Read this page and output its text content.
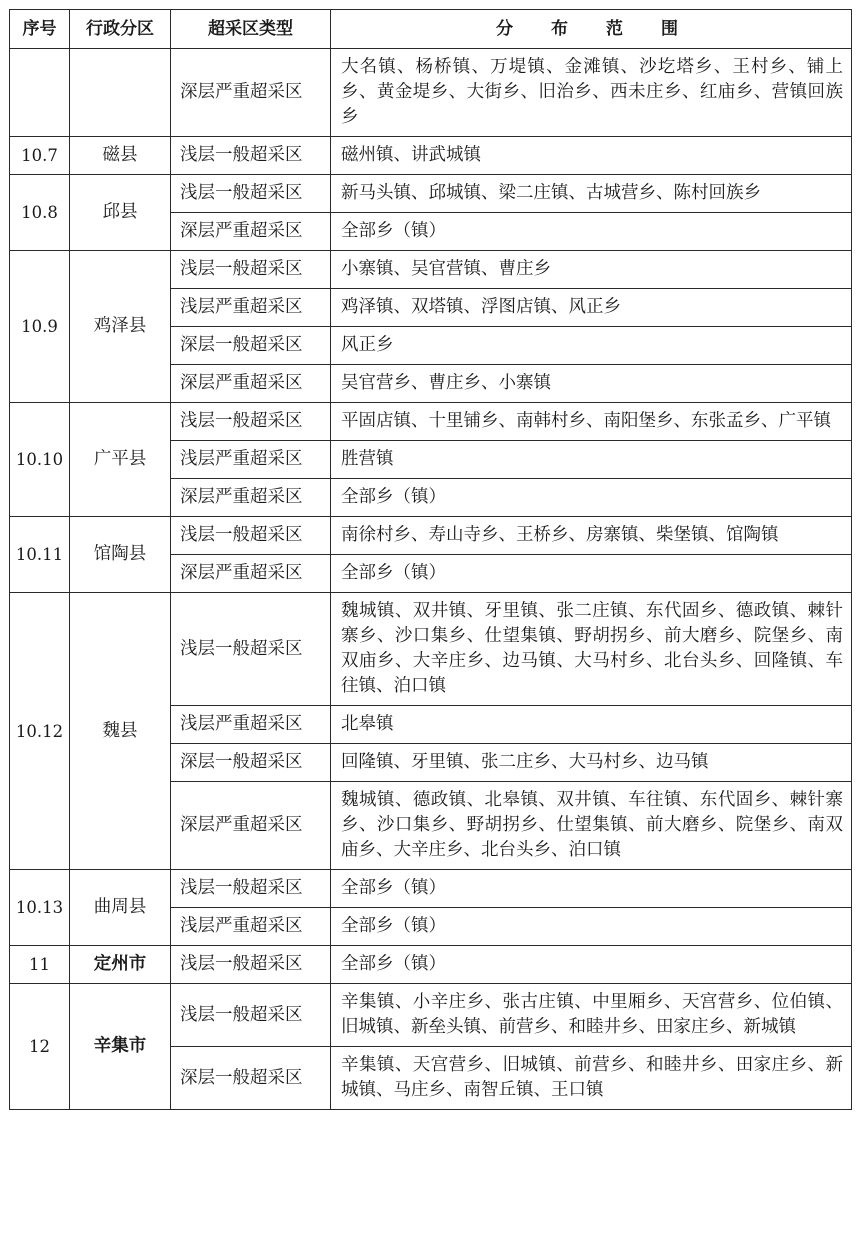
序号	行政分区	超采区类型	分布范围
		深层严重超采区	大名镇、杨桥镇、万堤镇、金滩镇、沙圪塔乡、王村乡、铺上乡、黄金堤乡、大街乡、旧治乡、西未庄乡、红庙乡、营镇回族乡
10.7	磁县	浅层一般超采区	磁州镇、讲武城镇
10.8	邱县	浅层一般超采区	新马头镇、邱城镇、梁二庄镇、古城营乡、陈村回族乡
		深层严重超采区	全部乡（镇）
10.9	鸡泽县	浅层一般超采区	小寨镇、吴官营镇、曹庄乡
		浅层严重超采区	鸡泽镇、双塔镇、浮图店镇、风正乡
		深层一般超采区	风正乡
		深层严重超采区	吴官营乡、曹庄乡、小寨镇
10.10	广平县	浅层一般超采区	平固店镇、十里铺乡、南韩村乡、南阳堡乡、东张孟乡、广平镇
		浅层严重超采区	胜营镇
		深层严重超采区	全部乡（镇）
10.11	馆陶县	浅层一般超采区	南徐村乡、寿山寺乡、王桥乡、房寨镇、柴堡镇、馆陶镇
		深层严重超采区	全部乡（镇）
10.12	魏县	浅层一般超采区	魏城镇、双井镇、牙里镇、张二庄镇、东代固乡、德政镇、棘针寨乡、沙口集乡、仕望集镇、野胡拐乡、前大磨乡、院堡乡、南双庙乡、大辛庄乡、边马镇、大马村乡、北台头乡、回隆镇、车往镇、泊口镇
		浅层严重超采区	北皋镇
		深层一般超采区	回隆镇、牙里镇、张二庄乡、大马村乡、边马镇
		深层严重超采区	魏城镇、德政镇、北皋镇、双井镇、车往镇、东代固乡、棘针寨乡、沙口集乡、野胡拐乡、仕望集镇、前大磨乡、院堡乡、南双庙乡、大辛庄乡、北台头乡、泊口镇
10.13	曲周县	浅层一般超采区	全部乡（镇）
		浅层严重超采区	全部乡（镇）
11	定州市	浅层一般超采区	全部乡（镇）
12	辛集市	浅层一般超采区	辛集镇、小辛庄乡、张古庄镇、中里厢乡、天宫营乡、位伯镇、旧城镇、新垒头镇、前营乡、和睦井乡、田家庄乡、新城镇
		深层一般超采区	辛集镇、天宫营乡、旧城镇、前营乡、和睦井乡、田家庄乡、新城镇、马庄乡、南智丘镇、王口镇
